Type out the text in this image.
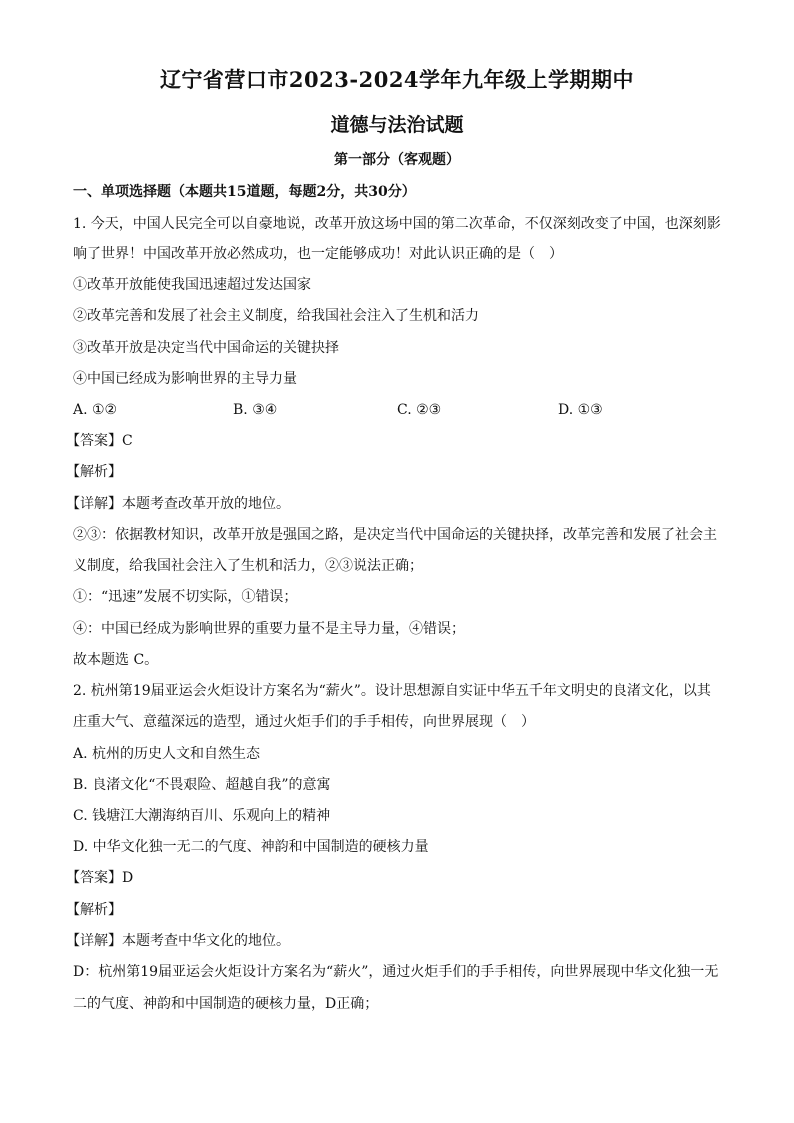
辽宁省营口市2023-2024学年九年级上学期期中
道德与法治试题
第一部分（客观题）
一、单项选择题（本题共15道题，每题2分，共30分）
1. 今天，中国人民完全可以自豪地说，改革开放这场中国的第二次革命，不仅深刻改变了中国，也深刻影
响了世界！中国改革开放必然成功，也一定能够成功！对此认识正确的是（　）
①改革开放能使我国迅速超过发达国家
②改革完善和发展了社会主义制度，给我国社会注入了生机和活力
③改革开放是决定当代中国命运的关键抉择
④中国已经成为影响世界的主导力量
A. ①②	B. ③④	C. ②③	D. ①③
【答案】C
【解析】
【详解】本题考查改革开放的地位。
②③：依据教材知识，改革开放是强国之路，是决定当代中国命运的关键抉择，改革完善和发展了社会主
义制度，给我国社会注入了生机和活力，②③说法正确；
①：“迅速”发展不切实际，①错误；
④：中国已经成为影响世界的重要力量不是主导力量，④错误；
故本题选 C。
2. 杭州第19届亚运会火炬设计方案名为“薪火”。设计思想源自实证中华五千年文明史的良渚文化，以其
庄重大气、意蕴深远的造型，通过火炬手们的手手相传，向世界展现（　）
A. 杭州的历史人文和自然生态
B. 良渚文化“不畏艰险、超越自我”的意寓
C. 钱塘江大潮海纳百川、乐观向上的精神
D. 中华文化独一无二的气度、神韵和中国制造的硬核力量
【答案】D
【解析】
【详解】本题考查中华文化的地位。
D：杭州第19届亚运会火炬设计方案名为“薪火”，通过火炬手们的手手相传，向世界展现中华文化独一无
二的气度、神韵和中国制造的硬核力量，D正确；
